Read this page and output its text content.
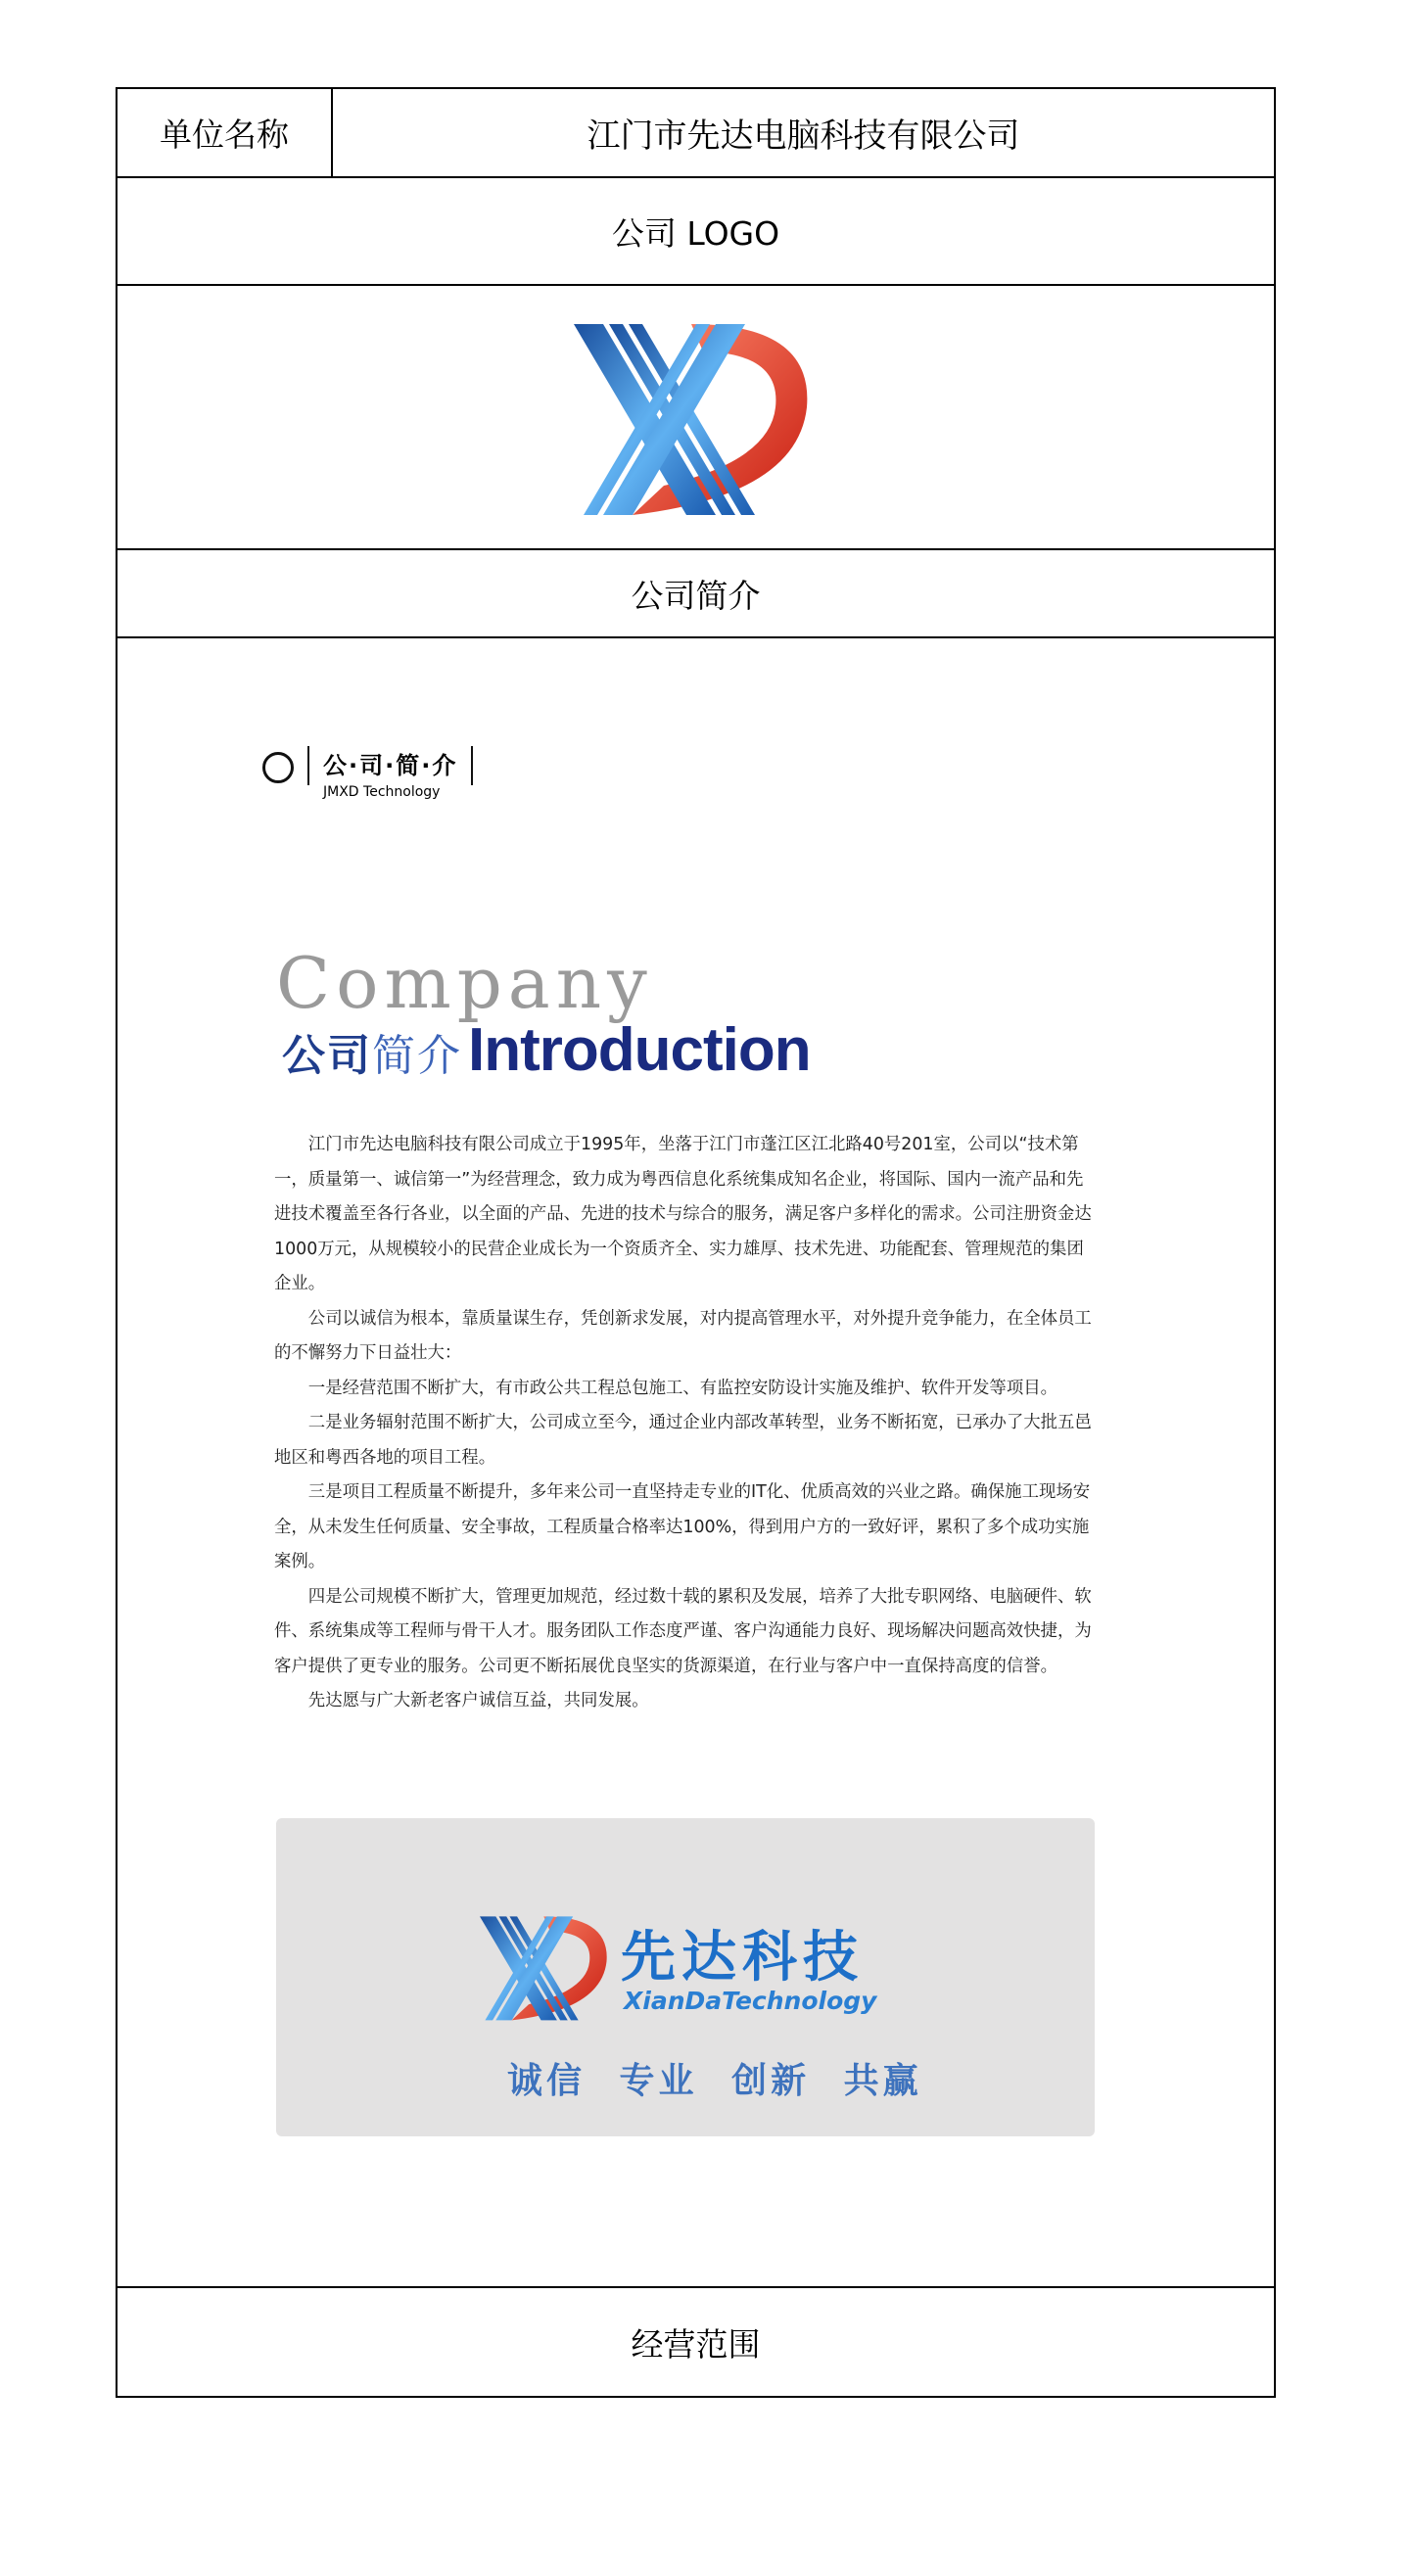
单位名称	江门市先达电脑科技有限公司
公司 LOGO
公司简介
公·司·简·介
JMXD Technology
Company
公司 简介 Introduction

江门市先达电脑科技有限公司成立于1995年，坐落于江门市蓬江区江北路40号201室，公司以“技术第一，质量第一、诚信第一”为经营理念，致力成为粤西信息化系统集成知名企业，将国际、国内一流产品和先进技术覆盖至各行各业，以全面的产品、先进的技术与综合的服务，满足客户多样化的需求。公司注册资金达1000万元，从规模较小的民营企业成长为一个资质齐全、实力雄厚、技术先进、功能配套、管理规范的集团企业。

公司以诚信为根本，靠质量谋生存，凭创新求发展，对内提高管理水平，对外提升竞争能力，在全体员工的不懈努力下日益壮大：

一是经营范围不断扩大，有市政公共工程总包施工、有监控安防设计实施及维护、软件开发等项目。

二是业务辐射范围不断扩大，公司成立至今，通过企业内部改革转型，业务不断拓宽，已承办了大批五邑地区和粤西各地的项目工程。

三是项目工程质量不断提升，多年来公司一直坚持走专业的IT化、优质高效的兴业之路。确保施工现场安全，从未发生任何质量、安全事故，工程质量合格率达100%，得到用户方的一致好评，累积了多个成功实施案例。

四是公司规模不断扩大，管理更加规范，经过数十载的累积及发展，培养了大批专职网络、电脑硬件、软件、系统集成等工程师与骨干人才。服务团队工作态度严谨、客户沟通能力良好、现场解决问题高效快捷，为客户提供了更专业的服务。公司更不断拓展优良坚实的货源渠道，在行业与客户中一直保持高度的信誉。

先达愿与广大新老客户诚信互益，共同发展。

先达科技
XianDaTechnology
诚信 专业 创新 共赢
经营范围
